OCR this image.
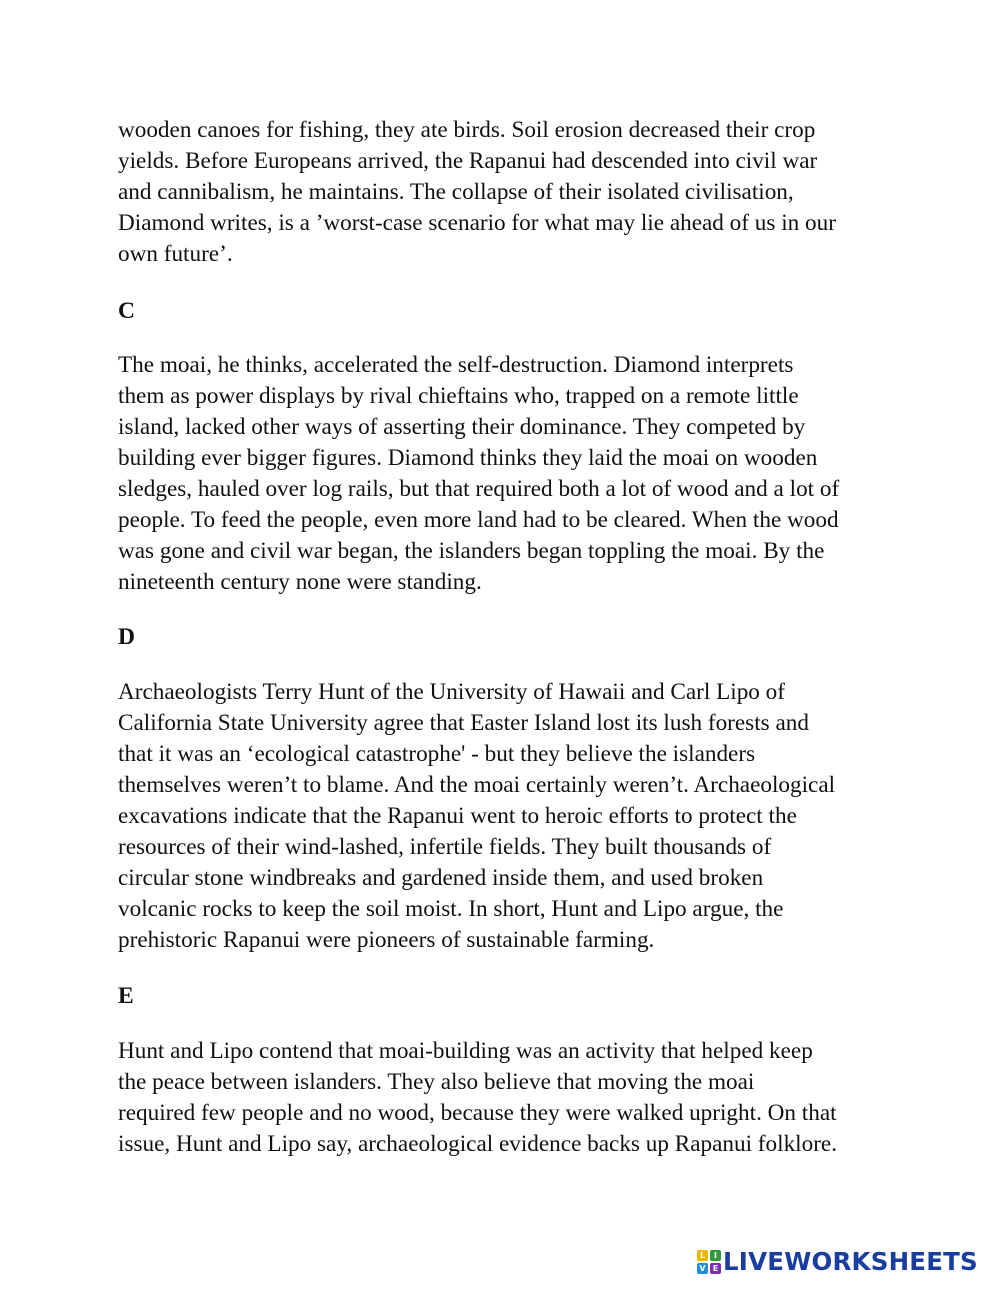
wooden canoes for fishing, they ate birds. Soil erosion decreased their crop
yields. Before Europeans arrived, the Rapanui had descended into civil war
and cannibalism, he maintains. The collapse of their isolated civilisation,
Diamond writes, is a ’worst-case scenario for what may lie ahead of us in our
own future’.

C

The moai, he thinks, accelerated the self-destruction. Diamond interprets
them as power displays by rival chieftains who, trapped on a remote little
island, lacked other ways of asserting their dominance. They competed by
building ever bigger figures. Diamond thinks they laid the moai on wooden
sledges, hauled over log rails, but that required both a lot of wood and a lot of
people. To feed the people, even more land had to be cleared. When the wood
was gone and civil war began, the islanders began toppling the moai. By the
nineteenth century none were standing.

D

Archaeologists Terry Hunt of the University of Hawaii and Carl Lipo of
California State University agree that Easter Island lost its lush forests and
that it was an ‘ecological catastrophe' - but they believe the islanders
themselves weren’t to blame. And the moai certainly weren’t. Archaeological
excavations indicate that the Rapanui went to heroic efforts to protect the
resources of their wind-lashed, infertile fields. They built thousands of
circular stone windbreaks and gardened inside them, and used broken
volcanic rocks to keep the soil moist. In short, Hunt and Lipo argue, the
prehistoric Rapanui were pioneers of sustainable farming.

E

Hunt and Lipo contend that moai-building was an activity that helped keep
the peace between islanders. They also believe that moving the moai
required few people and no wood, because they were walked upright. On that
issue, Hunt and Lipo say, archaeological evidence backs up Rapanui folklore.

L	I
V E LIVEWORKSHEETS
